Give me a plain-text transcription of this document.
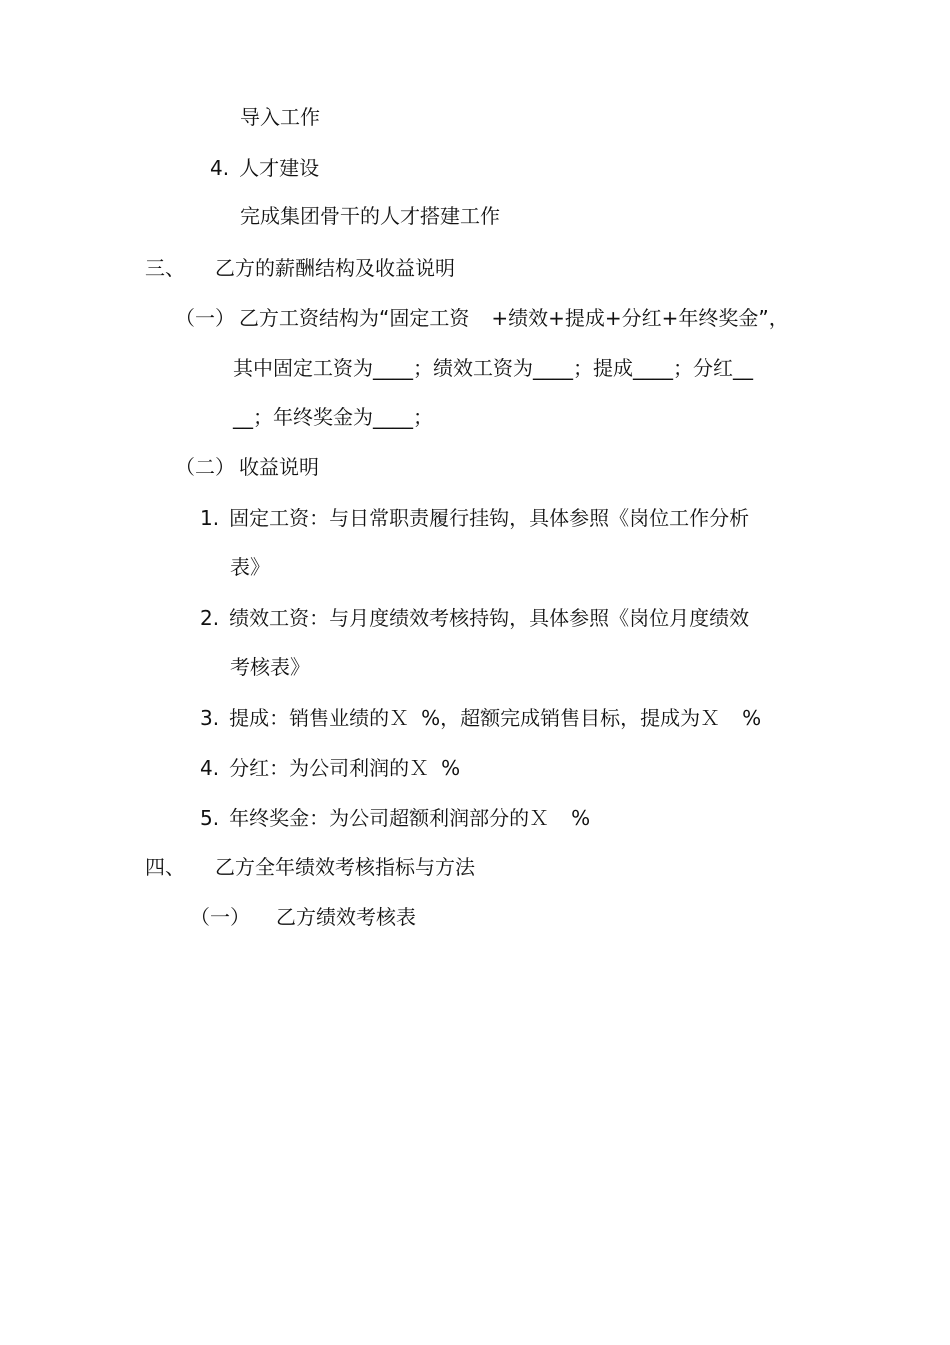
导入工作
4. 人才建设
完成集团骨干的人才搭建工作
三、 乙方的薪酬结构及收益说明
（一） 乙方工资结构为“固定工资 +绩效+提成+分红+年终奖金”，
其中固定工资为____；绩效工资为____；提成____；分红__
__；年终奖金为____；
（二） 收益说明
1. 固定工资：与日常职责履行挂钩，具体参照《岗位工作分析
表》
2. 绩效工资：与月度绩效考核持钩，具体参照《岗位月度绩效
考核表》
3. 提成：销售业绩的Ｘ %，超额完成销售目标，提成为Ｘ %
4. 分红：为公司利润的Ｘ %
5. 年终奖金：为公司超额利润部分的Ｘ %
四、 乙方全年绩效考核指标与方法
（一） 乙方绩效考核表
